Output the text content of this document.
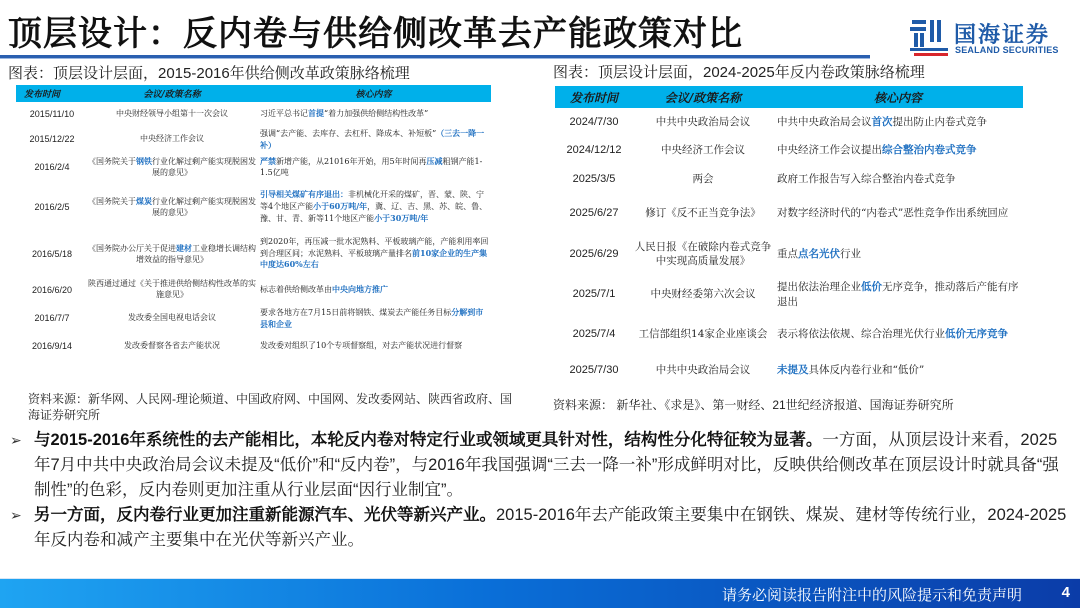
顶层设计：反内卷与供给侧改革去产能政策对比	国海证券
SEALAND SECURITIES
图表：顶层设计层面，2015-2016年供给侧改革政策脉络梳理
发布时间	会议/政策名称	核心内容
2015/11/10	中央财经领导小组第十一次会议	习近平总书记首提“着力加强供给侧结构性改革”
2015/12/22	中央经济工作会议	强调“去产能、去库存、去杠杆、降成本、补短板”（三去一降一补）
2016/2/4	《国务院关于钢铁行业化解过剩产能实现脱困发展的意见》	严禁新增产能，从21016年开始，用5年时间再压减粗钢产能1-1.5亿吨
2016/2/5	《国务院关于煤炭行业化解过剩产能实现脱困发展的意见》	引导相关煤矿有序退出：非机械化开采的煤矿，晋、蒙、陕、宁等4个地区产能小于60万吨/年，冀、辽、吉、黑、苏、皖、鲁、豫、甘、青、新等11个地区产能小于30万吨/年
2016/5/18	《国务院办公厅关于促进建材工业稳增长调结构增效益的指导意见》	到2020年，再压减一批水泥熟料、平板玻璃产能，产能利用率回到合理区间；水泥熟料、平板玻璃产量排名前10家企业的生产集中度达60%左右
2016/6/20	陕西通过通过《关于推进供给侧结构性改革的实施意见》	标志着供给侧改革由中央向地方推广
2016/7/7	发改委全国电视电话会议	要求各地方在7月15日前将钢铁、煤炭去产能任务目标分解到市县和企业
2016/9/14	发改委督察各省去产能状况	发改委对组织了10个专项督察组，对去产能状况进行督察
资料来源：新华网、人民网-理论频道、中国政府网、中国网、发改委网站、陕西省政府、国海证券研究所
图表：顶层设计层面，2024-2025年反内卷政策脉络梳理
发布时间	会议/政策名称	核心内容
2024/7/30	中共中央政治局会议	中共中央政治局会议首次提出防止内卷式竞争
2024/12/12	中央经济工作会议	中央经济工作会议提出综合整治内卷式竞争
2025/3/5	两会	政府工作报告写入综合整治内卷式竞争
2025/6/27	修订《反不正当竞争法》	对数字经济时代的“内卷式”恶性竞争作出系统回应
2025/6/29	人民日报《在破除内卷式竞争中实现高质量发展》	重点点名光伏行业
2025/7/1	中央财经委第六次会议	提出依法治理企业低价无序竞争，推动落后产能有序退出
2025/7/4	工信部组织14家企业座谈会	表示将依法依规、综合治理光伏行业低价无序竞争
2025/7/30	中共中央政治局会议	未提及具体反内卷行业和“低价”
资料来源： 新华社、《求是》、第一财经、21世纪经济报道、国海证券研究所
➢ 与2015-2016年系统性的去产能相比，本轮反内卷对特定行业或领域更具针对性，结构性分化特征较为显著。一方面，从顶层设计来看，2025年7月中共中央政治局会议未提及“低价”和“反内卷”，与2016年我国强调“三去一降一补”形成鲜明对比，反映供给侧改革在顶层设计时就具备“强制性”的色彩，反内卷则更加注重从行业层面“因行业制宜”。
➢ 另一方面，反内卷行业更加注重新能源汽车、光伏等新兴产业。2015-2016年去产能政策主要集中在钢铁、煤炭、建材等传统行业，2024-2025年反内卷和减产主要集中在光伏等新兴产业。
请务必阅读报告附注中的风险提示和免责声明	4
